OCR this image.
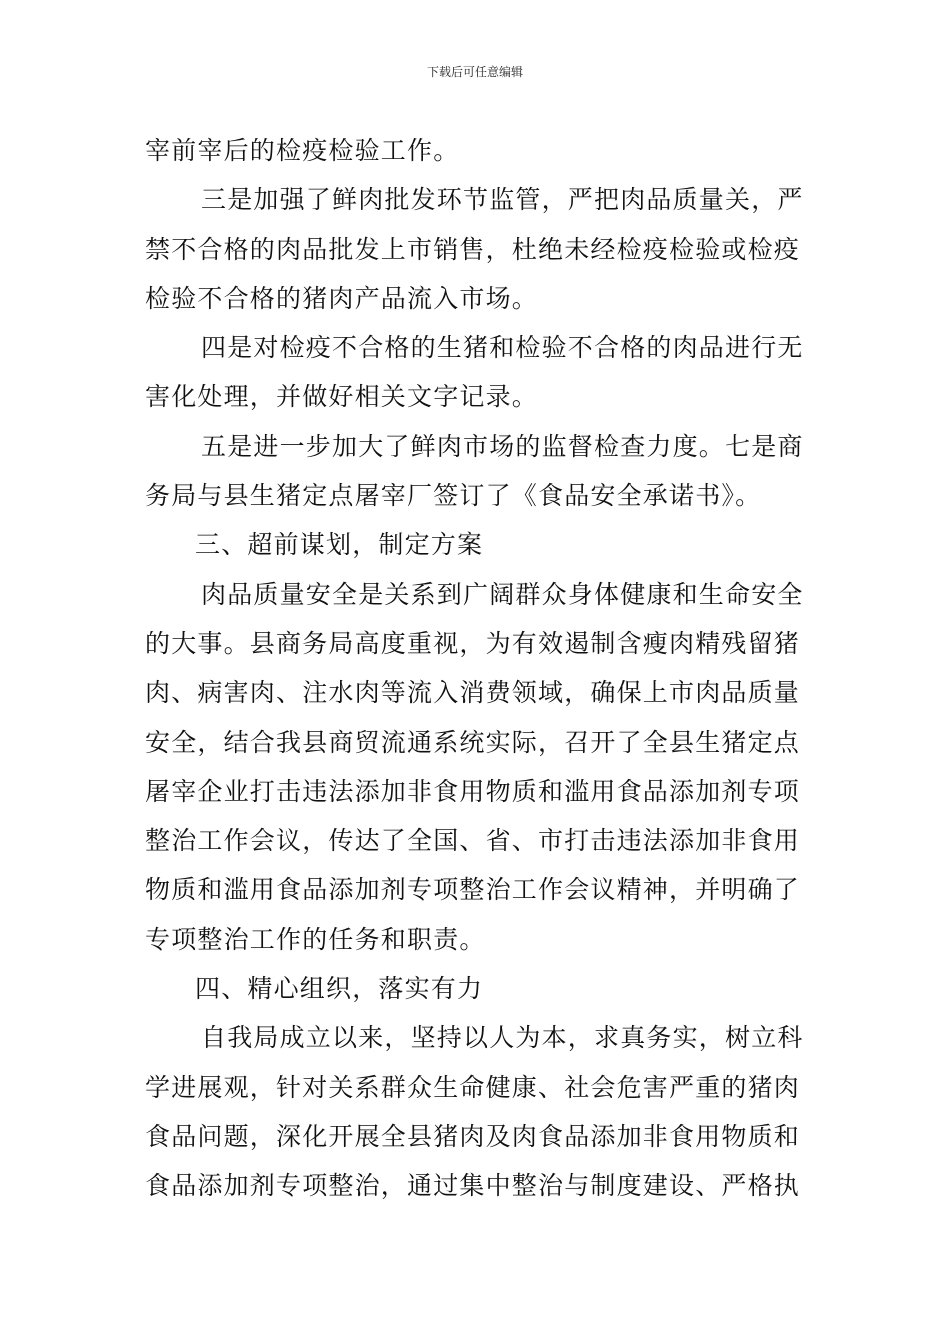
下载后可任意编辑
宰前宰后的检疫检验工作。
三是加强了鲜肉批发环节监管，严把肉品质量关，严
禁不合格的肉品批发上市销售，杜绝未经检疫检验或检疫
检验不合格的猪肉产品流入市场。
四是对检疫不合格的生猪和检验不合格的肉品进行无
害化处理，并做好相关文字记录。
五是进一步加大了鲜肉市场的监督检查力度。七是商
务局与县生猪定点屠宰厂签订了《食品安全承诺书》。
三、超前谋划，制定方案
肉品质量安全是关系到广阔群众身体健康和生命安全
的大事。县商务局高度重视，为有效遏制含瘦肉精残留猪
肉、病害肉、注水肉等流入消费领域，确保上市肉品质量
安全，结合我县商贸流通系统实际，召开了全县生猪定点
屠宰企业打击违法添加非食用物质和滥用食品添加剂专项
整治工作会议，传达了全国、省、市打击违法添加非食用
物质和滥用食品添加剂专项整治工作会议精神，并明确了
专项整治工作的任务和职责。
四、精心组织，落实有力
自我局成立以来，坚持以人为本，求真务实，树立科
学进展观，针对关系群众生命健康、社会危害严重的猪肉
食品问题，深化开展全县猪肉及肉食品添加非食用物质和
食品添加剂专项整治，通过集中整治与制度建设、严格执
